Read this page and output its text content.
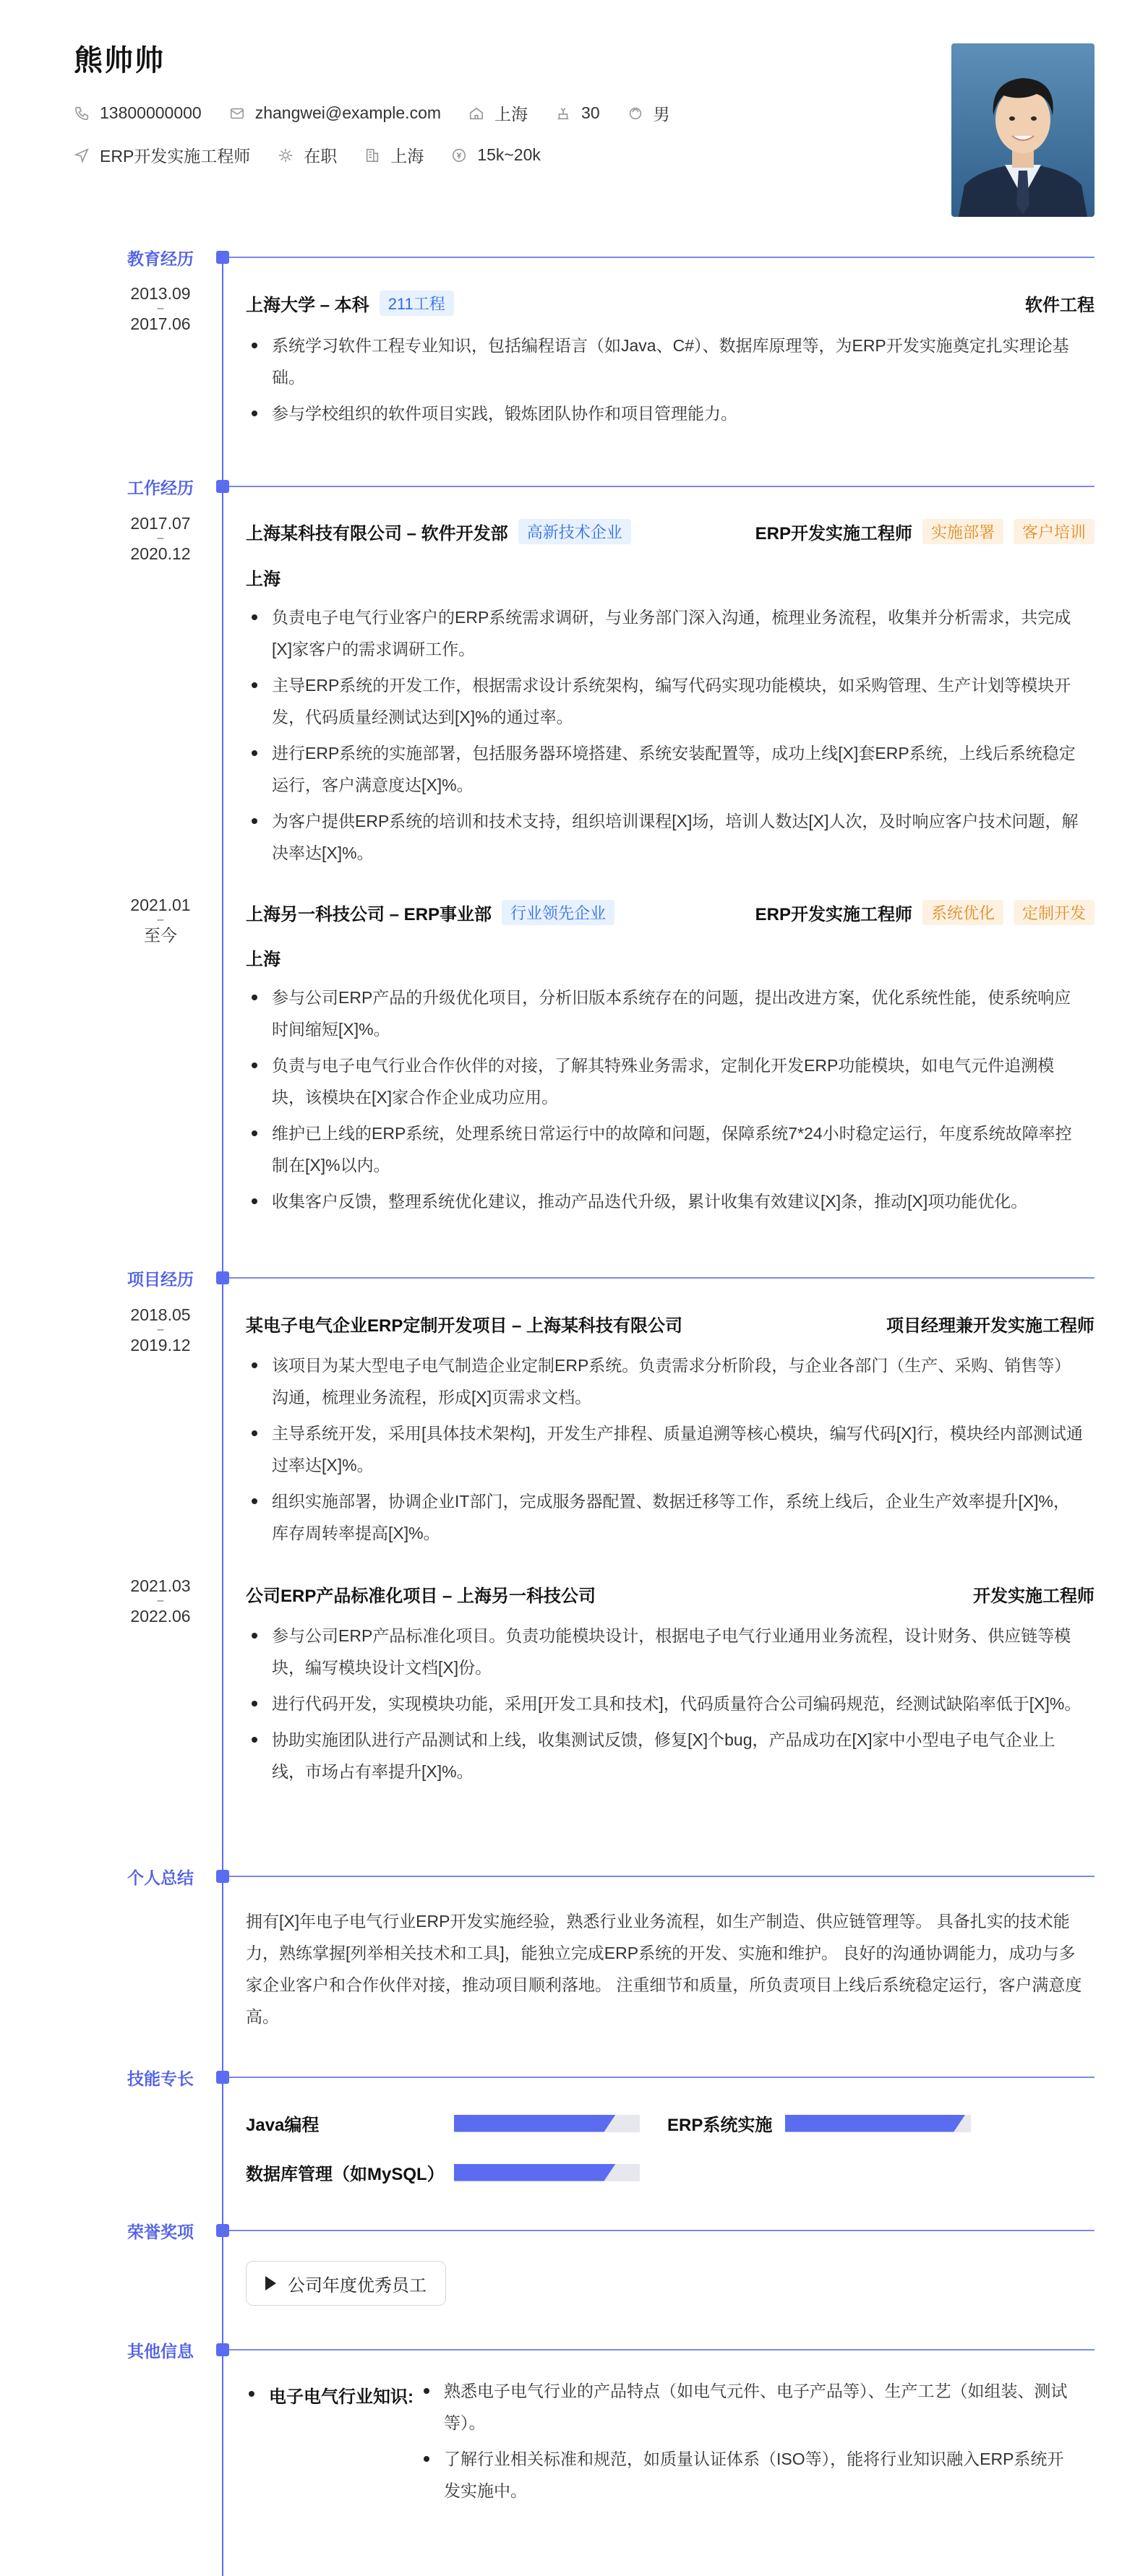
熊帅帅
13800000000	zhangwei@example.com	上海	30	男
ERP开发实施工程师	在职	上海	15k~20k
教育经历
2013.09
–
2017.06
上海大学 – 本科	211工程	软件工程
系统学习软件工程专业知识，包括编程语言（如Java、C#）、数据库原理等，为ERP开发实施奠定扎实理论基础。
参与学校组织的软件项目实践，锻炼团队协作和项目管理能力。
工作经历
2017.07
–
2020.12
上海某科技有限公司 – 软件开发部	高新技术企业	ERP开发实施工程师	实施部署	客户培训
上海
负责电子电气行业客户的ERP系统需求调研，与业务部门深入沟通，梳理业务流程，收集并分析需求，共完成[X]家客户的需求调研工作。
主导ERP系统的开发工作，根据需求设计系统架构，编写代码实现功能模块，如采购管理、生产计划等模块开发，代码质量经测试达到[X]%的通过率。
进行ERP系统的实施部署，包括服务器环境搭建、系统安装配置等，成功上线[X]套ERP系统，上线后系统稳定运行，客户满意度达[X]%。
为客户提供ERP系统的培训和技术支持，组织培训课程[X]场，培训人数达[X]人次，及时响应客户技术问题，解决率达[X]%。
2021.01
–
至今
上海另一科技公司 – ERP事业部	行业领先企业	ERP开发实施工程师	系统优化	定制开发
上海
参与公司ERP产品的升级优化项目，分析旧版本系统存在的问题，提出改进方案，优化系统性能，使系统响应时间缩短[X]%。
负责与电子电气行业合作伙伴的对接，了解其特殊业务需求，定制化开发ERP功能模块，如电气元件追溯模块，该模块在[X]家合作企业成功应用。
维护已上线的ERP系统，处理系统日常运行中的故障和问题，保障系统7*24小时稳定运行，年度系统故障率控制在[X]%以内。
收集客户反馈，整理系统优化建议，推动产品迭代升级，累计收集有效建议[X]条，推动[X]项功能优化。
项目经历
2018.05
–
2019.12
某电子电气企业ERP定制开发项目 – 上海某科技有限公司	项目经理兼开发实施工程师
该项目为某大型电子电气制造企业定制ERP系统。负责需求分析阶段，与企业各部门（生产、采购、销售等）沟通，梳理业务流程，形成[X]页需求文档。
主导系统开发，采用[具体技术架构]，开发生产排程、质量追溯等核心模块，编写代码[X]行，模块经内部测试通过率达[X]%。
组织实施部署，协调企业IT部门，完成服务器配置、数据迁移等工作，系统上线后，企业生产效率提升[X]%，库存周转率提高[X]%。
2021.03
–
2022.06
公司ERP产品标准化项目 – 上海另一科技公司	开发实施工程师
参与公司ERP产品标准化项目。负责功能模块设计，根据电子电气行业通用业务流程，设计财务、供应链等模块，编写模块设计文档[X]份。
进行代码开发，实现模块功能，采用[开发工具和技术]，代码质量符合公司编码规范，经测试缺陷率低于[X]%。
协助实施团队进行产品测试和上线，收集测试反馈，修复[X]个bug，产品成功在[X]家中小型电子电气企业上线，市场占有率提升[X]%。
个人总结

拥有[X]年电子电气行业ERP开发实施经验，熟悉行业业务流程，如生产制造、供应链管理等。 具备扎实的技术能力，熟练掌握[列举相关技术和工具]，能独立完成ERP系统的开发、实施和维护。 良好的沟通协调能力，成功与多家企业客户和合作伙伴对接，推动项目顺利落地。 注重细节和质量，所负责项目上线后系统稳定运行，客户满意度高。

技能专长
Java编程	ERP系统实施
数据库管理（如MySQL）
荣誉奖项
公司年度优秀员工
其他信息
电子电气行业知识:	熟悉电子电气行业的产品特点（如电气元件、电子产品等）、生产工艺（如组装、测试等）。
了解行业相关标准和规范，如质量认证体系（ISO等），能将行业知识融入ERP系统开发实施中。
